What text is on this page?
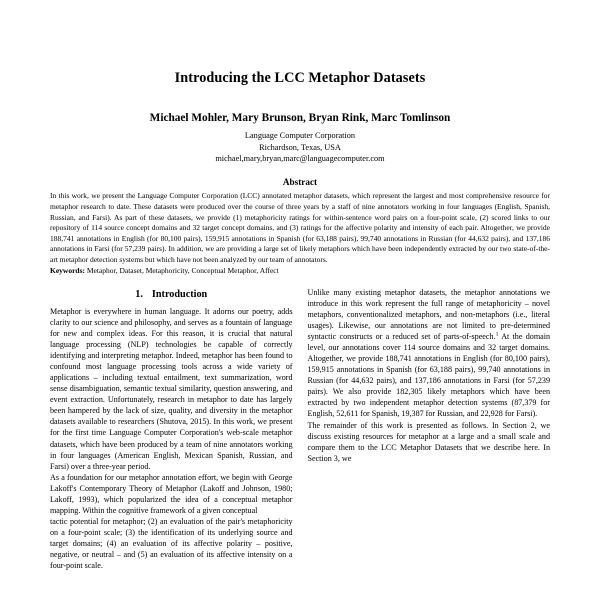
Introducing the LCC Metaphor Datasets
Michael Mohler, Mary Brunson, Bryan Rink, Marc Tomlinson
Language Computer Corporation
Richardson, Texas, USA
michael,mary,bryan,marc@languagecomputer.com
Abstract

In this work, we present the Language Computer Corporation (LCC) annotated metaphor datasets, which represent the largest and most comprehensive resource for metaphor research to date. These datasets were produced over the course of three years by a staff of nine annotators working in four languages (English, Spanish, Russian, and Farsi). As part of these datasets, we provide (1) metaphoricity ratings for within-sentence word pairs on a four-point scale, (2) scored links to our repository of 114 source concept domains and 32 target concept domains, and (3) ratings for the affective polarity and intensity of each pair. Altogether, we provide 188,741 annotations in English (for 80,100 pairs), 159,915 annotations in Spanish (for 63,188 pairs), 99,740 annotations in Russian (for 44,632 pairs), and 137,186 annotations in Farsi (for 57,239 pairs). In addition, we are providing a large set of likely metaphors which have been independently extracted by our two state-of-the-art metaphor detection systems but which have not been analyzed by our team of annotators.

Keywords: Metaphor, Dataset, Metaphoricity, Conceptual Metaphor, Affect

1. Introduction

Metaphor is everywhere in human language. It adorns our poetry, adds clarity to our science and philosophy, and serves as a fountain of language for new and complex ideas. For this reason, it is crucial that natural language processing (NLP) technologies be capable of correctly identifying and interpreting metaphor. Indeed, metaphor has been found to confound most language processing tools across a wide variety of applications – including textual entailment, text summarization, word sense disambiguation, semantic textual similarity, question answering, and event extraction. Unfortunately, research in metaphor to date has largely been hampered by the lack of size, quality, and diversity in the metaphor datasets available to researchers (Shutova, 2015). In this work, we present for the first time Language Computer Corporation's web-scale metaphor datasets, which have been produced by a team of nine annotators working in four languages (American English, Mexican Spanish, Russian, and Farsi) over a three-year period.

As a foundation for our metaphor annotation effort, we begin with George Lakoff's Contemporary Theory of Metaphor (Lakoff and Johnson, 1980; Lakoff, 1993), which popularized the idea of a conceptual metaphor mapping. Within the cognitive framework of a given conceptual

tactic potential for metaphor; (2) an evaluation of the pair's metaphoricity on a four-point scale; (3) the identification of its underlying source and target domains; (4) an evaluation of its affective polarity – positive, negative, or neutral – and (5) an evaluation of its affective intensity on a four-point scale.

Unlike many existing metaphor datasets, the metaphor annotations we introduce in this work represent the full range of metaphoricity – novel metaphors, conventionalized metaphors, and non-metaphors (i.e., literal usages). Likewise, our annotations are not limited to pre-determined syntactic constructs or a reduced set of parts-of-speech.$^1$ At the domain level, our annotations cover 114 source domains and 32 target domains. Altogether, we provide 188,741 annotations in English (for 80,100 pairs), 159,915 annotations in Spanish (for 63,188 pairs), 99,740 annotations in Russian (for 44,632 pairs), and 137,186 annotations in Farsi (for 57,239 pairs). We also provide 182,305 likely metaphors which have been extracted by two independent metaphor detection systems (87,379 for English, 52,611 for Spanish, 19,387 for Russian, and 22,928 for Farsi).

The remainder of this work is presented as follows. In Section 2, we discuss existing resources for metaphor at a large and a small scale and compare them to the LCC Metaphor Datasets that we describe here. In Section 3, we
